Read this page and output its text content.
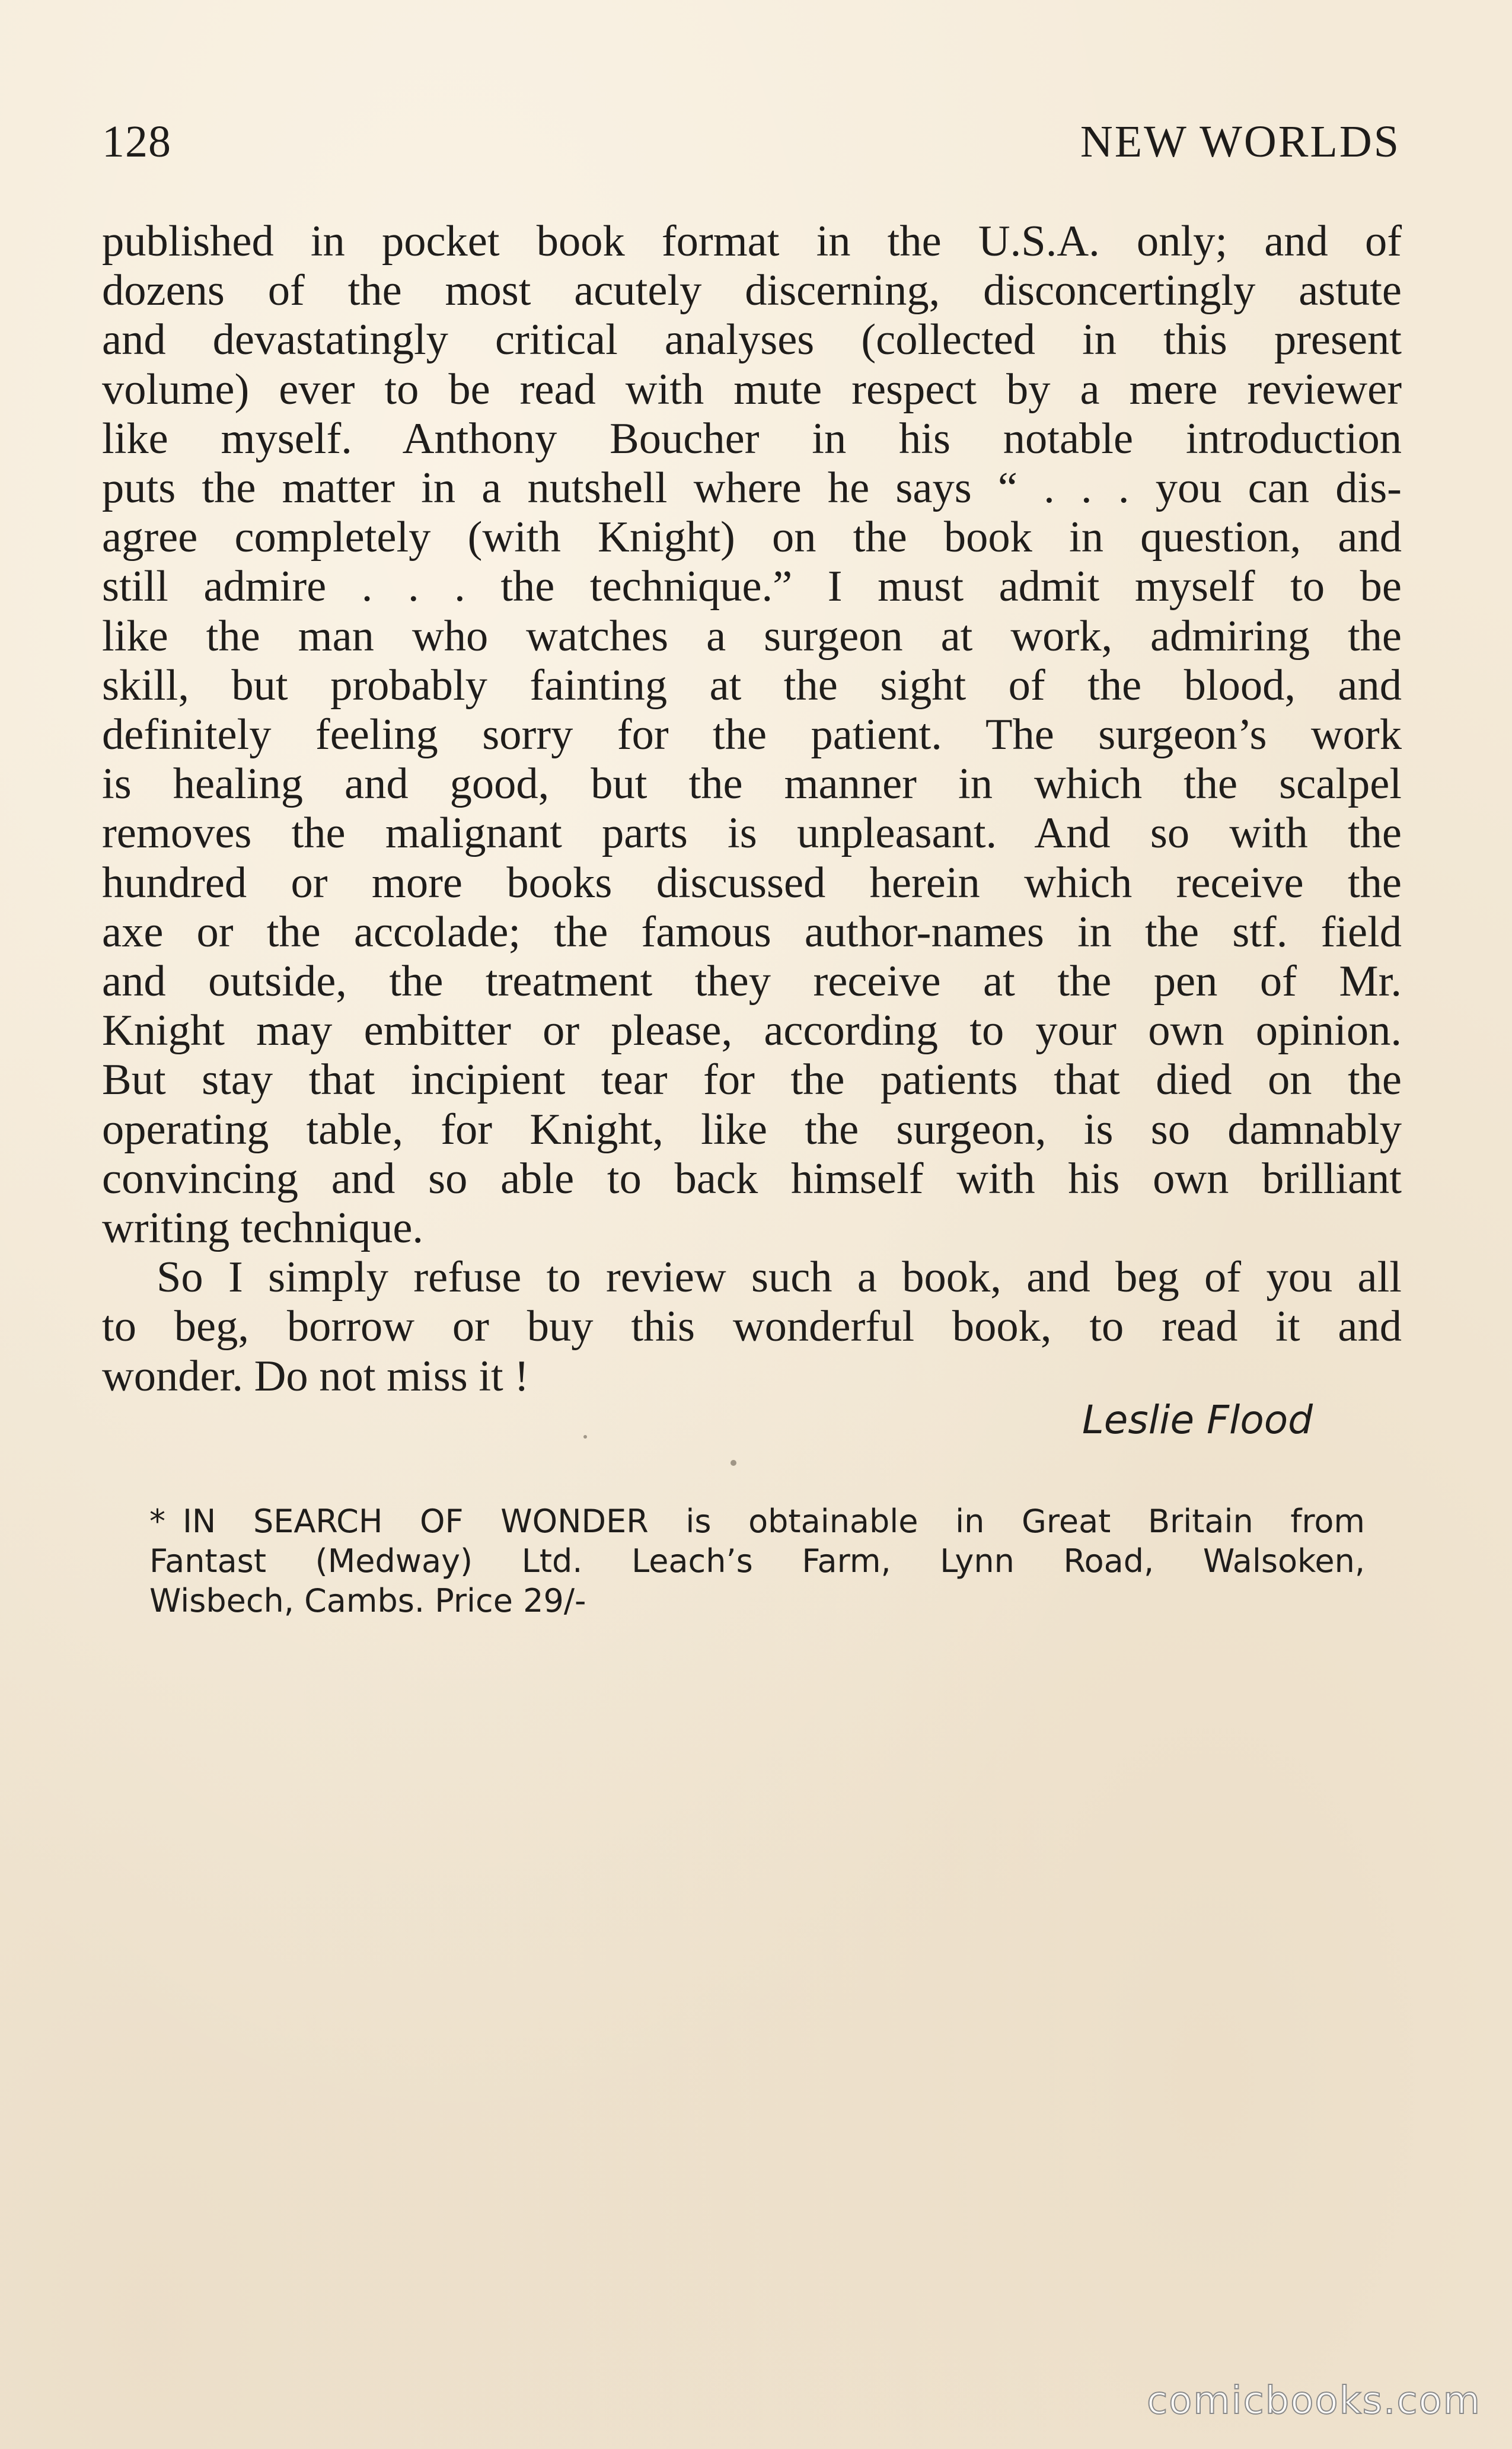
128	NEW WORLDS

published in pocket book format in the U.S.A. only; and of
dozens of the most acutely discerning, disconcertingly astute
and devastatingly critical analyses (collected in this present
volume) ever to be read with mute respect by a mere reviewer
like myself. Anthony Boucher in his notable introduction
puts the matter in a nutshell where he says “ . . . you can dis-
agree completely (with Knight) on the book in question, and
still admire . . . the technique.” I must admit myself to be
like the man who watches a surgeon at work, admiring the
skill, but probably fainting at the sight of the blood, and
definitely feeling sorry for the patient. The surgeon’s work
is healing and good, but the manner in which the scalpel
removes the malignant parts is unpleasant. And so with the
hundred or more books discussed herein which receive the
axe or the accolade; the famous author-names in the stf. field
and outside, the treatment they receive at the pen of Mr.
Knight may embitter or please, according to your own opinion.
But stay that incipient tear for the patients that died on the
operating table, for Knight, like the surgeon, is so damnably
convincing and so able to back himself with his own brilliant
writing technique.

So I simply refuse to review such a book, and beg of you all
to beg, borrow or buy this wonderful book, to read it and
wonder. Do not miss it !

Leslie Flood
* IN SEARCH OF WONDER is obtainable in Great Britain from
Fantast (Medway) Ltd. Leach’s Farm, Lynn Road, Walsoken,
Wisbech, Cambs. Price 29/-
comicbooks.com
